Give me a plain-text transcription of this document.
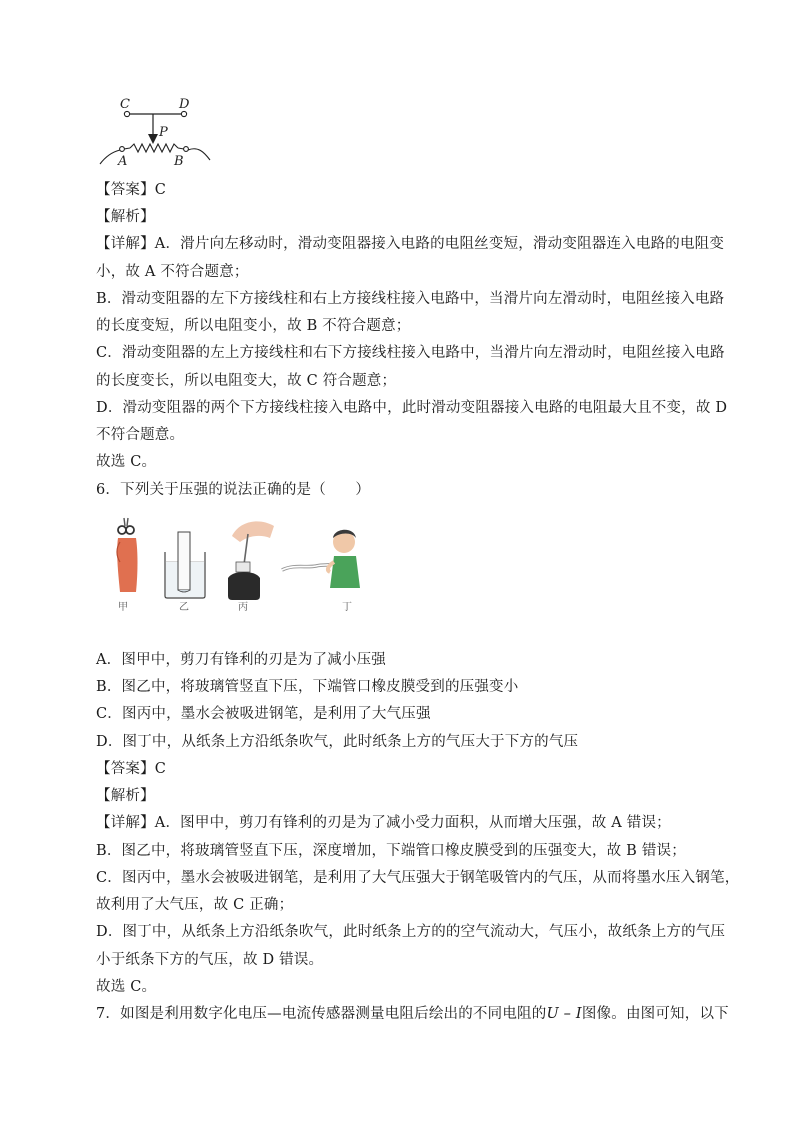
C	D
P
A	B
【答案】C
【解析】
【详解】A．滑片向左移动时，滑动变阻器接入电路的电阻丝变短，滑动变阻器连入电路的电阻变
小，故 A 不符合题意；
B．滑动变阻器的左下方接线柱和右上方接线柱接入电路中，当滑片向左滑动时，电阻丝接入电路
的长度变短，所以电阻变小，故 B 不符合题意；
C．滑动变阻器的左上方接线柱和右下方接线柱接入电路中，当滑片向左滑动时，电阻丝接入电路
的长度变长，所以电阻变大，故 C 符合题意；
D．滑动变阻器的两个下方接线柱接入电路中，此时滑动变阻器接入电路的电阻最大且不变，故 D
不符合题意。
故选 C。
6．下列关于压强的说法正确的是（　　）
甲	乙	丙	丁
A．图甲中，剪刀有锋利的刃是为了减小压强
B．图乙中，将玻璃管竖直下压，下端管口橡皮膜受到的压强变小
C．图丙中，墨水会被吸进钢笔，是利用了大气压强
D．图丁中，从纸条上方沿纸条吹气，此时纸条上方的气压大于下方的气压
【答案】C
【解析】
【详解】A．图甲中，剪刀有锋利的刃是为了减小受力面积，从而增大压强，故 A 错误；
B．图乙中，将玻璃管竖直下压，深度增加，下端管口橡皮膜受到的压强变大，故 B 错误；
C．图丙中，墨水会被吸进钢笔，是利用了大气压强大于钢笔吸管内的气压，从而将墨水压入钢笔，
故利用了大气压，故 C 正确；
D．图丁中，从纸条上方沿纸条吹气，此时纸条上方的的空气流动大，气压小，故纸条上方的气压
小于纸条下方的气压，故 D 错误。
故选 C。
7．如图是利用数字化电压—电流传感器测量电阻后绘出的不同电阻的U – I图像。由图可知，以下
